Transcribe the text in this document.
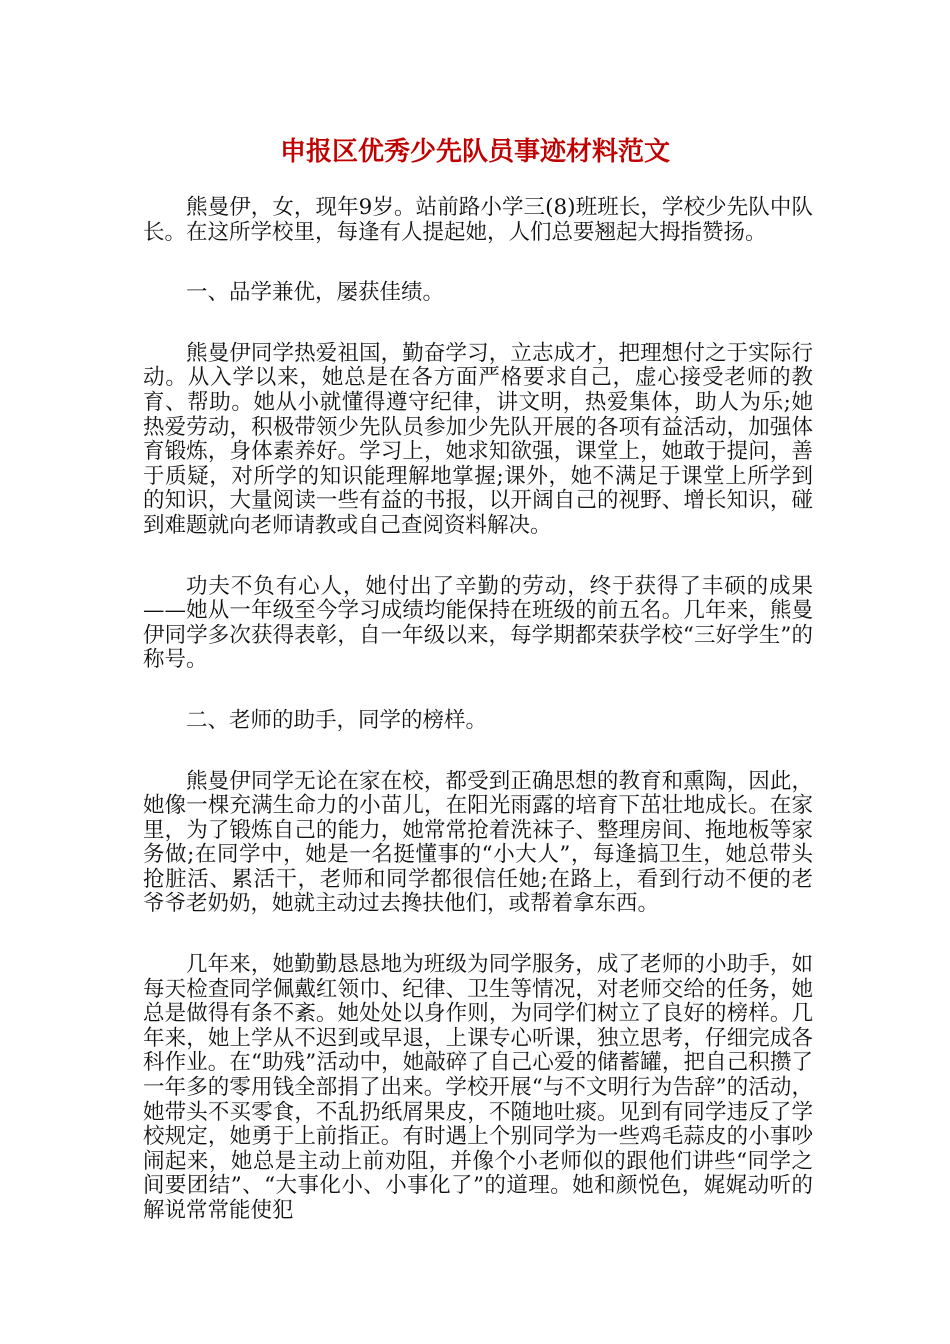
申报区优秀少先队员事迹材料范文

熊曼伊，女，现年9岁。站前路小学三(8)班班长，学校少先队中队长。在这所学校里，每逢有人提起她，人们总要翘起大拇指赞扬。

一、品学兼优，屡获佳绩。

熊曼伊同学热爱祖国，勤奋学习，立志成才，把理想付之于实际行动。从入学以来，她总是在各方面严格要求自己，虚心接受老师的教育、帮助。她从小就懂得遵守纪律，讲文明，热爱集体，助人为乐;她热爱劳动，积极带领少先队员参加少先队开展的各项有益活动，加强体育锻炼，身体素养好。学习上，她求知欲强，课堂上，她敢于提问，善于质疑，对所学的知识能理解地掌握;课外，她不满足于课堂上所学到的知识，大量阅读一些有益的书报，以开阔自己的视野、增长知识，碰到难题就向老师请教或自己查阅资料解决。

功夫不负有心人，她付出了辛勤的劳动，终于获得了丰硕的成果——她从一年级至今学习成绩均能保持在班级的前五名。几年来，熊曼伊同学多次获得表彰，自一年级以来，每学期都荣获学校“三好学生”的称号。

二、老师的助手，同学的榜样。

熊曼伊同学无论在家在校，都受到正确思想的教育和熏陶，因此，她像一棵充满生命力的小苗儿，在阳光雨露的培育下茁壮地成长。在家里，为了锻炼自己的能力，她常常抢着洗袜子、整理房间、拖地板等家务做;在同学中，她是一名挺懂事的“小大人”，每逢搞卫生，她总带头抢脏活、累活干，老师和同学都很信任她;在路上，看到行动不便的老爷爷老奶奶，她就主动过去搀扶他们，或帮着拿东西。

几年来，她勤勤恳恳地为班级为同学服务，成了老师的小助手，如每天检查同学佩戴红领巾、纪律、卫生等情况，对老师交给的任务，她总是做得有条不紊。她处处以身作则，为同学们树立了良好的榜样。几年来，她上学从不迟到或早退，上课专心听课，独立思考，仔细完成各科作业。在“助残”活动中，她敲碎了自己心爱的储蓄罐，把自己积攒了一年多的零用钱全部捐了出来。学校开展“与不文明行为告辞”的活动，她带头不买零食，不乱扔纸屑果皮，不随地吐痰。见到有同学违反了学校规定，她勇于上前指正。有时遇上个别同学为一些鸡毛蒜皮的小事吵闹起来，她总是主动上前劝阻，并像个小老师似的跟他们讲些“同学之间要团结”、“大事化小、小事化了”的道理。她和颜悦色，娓娓动听的解说常常能使犯
